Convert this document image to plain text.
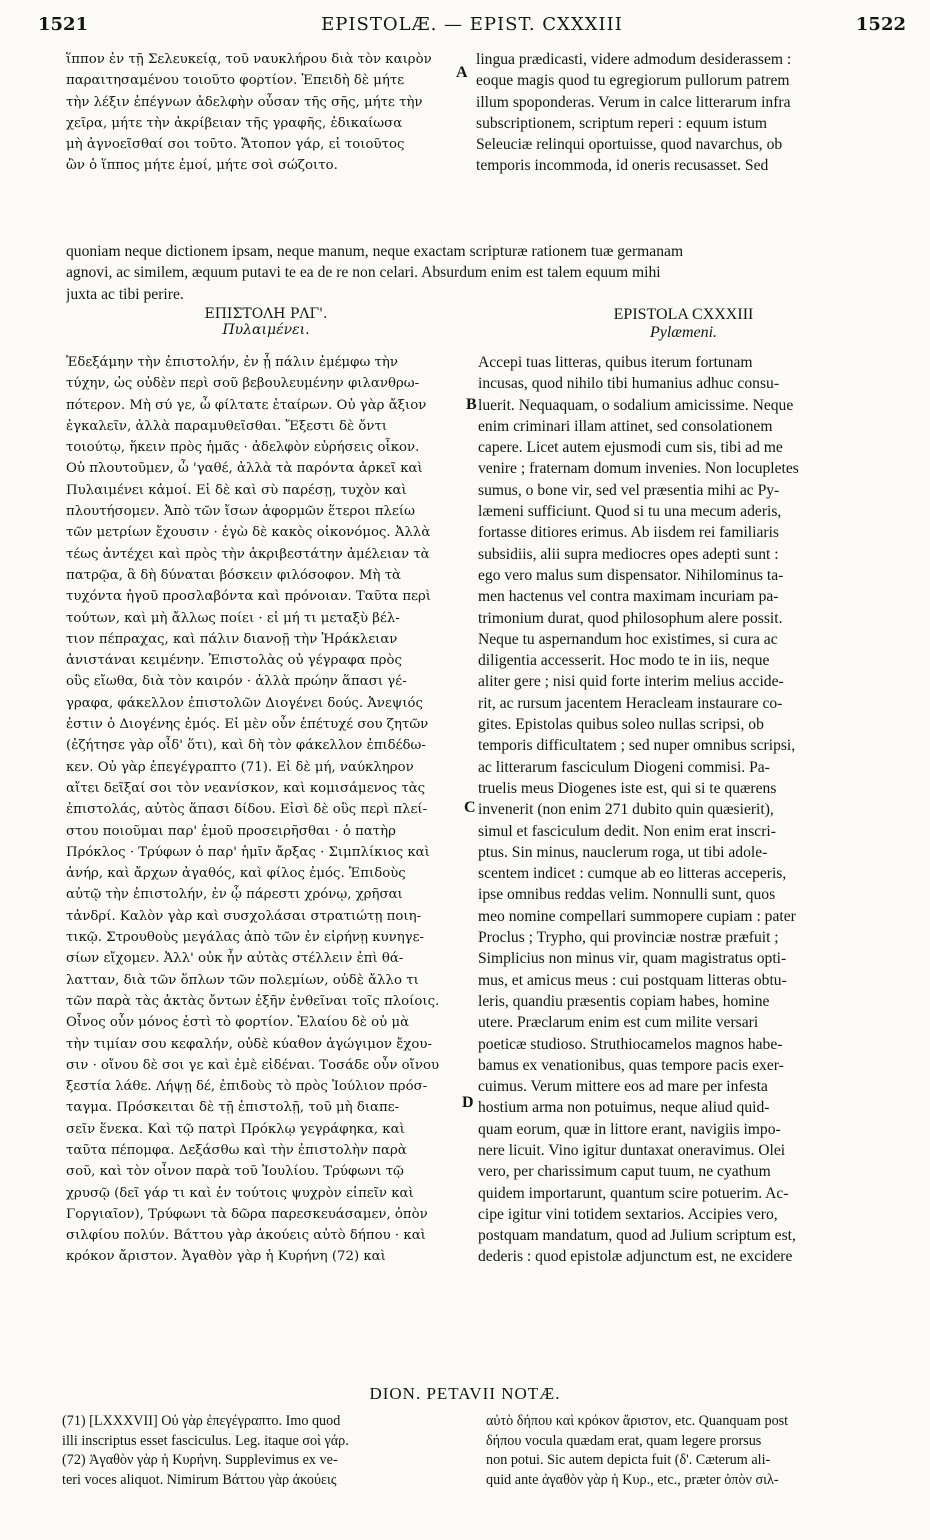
1521	EPISTOLÆ. — EPIST. CXXXIII	1522
ἵππον ἐν τῇ Σελευκείᾳ, τοῦ ναυκλήρου διὰ τὸν καιρὸν
παραιτησαμένου τοιοῦτο φορτίον. Ἐπειδὴ δὲ μήτε
τὴν λέξιν ἐπέγνων ἀδελφὴν οὖσαν τῆς σῆς, μήτε τὴν
χεῖρα, μήτε τὴν ἀκρίβειαν τῆς γραφῆς, ἐδικαίωσα
μὴ ἀγνοεῖσθαί σοι τοῦτο. Ἄτοπον γάρ, εἰ τοιοῦτος
ὢν ὁ ἵππος μήτε ἐμοί, μήτε σοὶ σώζοιτο.
lingua prædicasti, videre admodum desiderassem :
eoque magis quod tu egregiorum pullorum patrem
illum spoponderas. Verum in calce litterarum infra
subscriptionem, scriptum reperi : equum istum
Seleuciæ relinqui oportuisse, quod navarchus, ob
temporis incommoda, id oneris recusasset. Sed
quoniam neque dictionem ipsam, neque manum, neque exactam scripturæ rationem tuæ germanam
agnovi, ac similem, æquum putavi te ea de re non celari. Absurdum enim est talem equum mihi
juxta ac tibi perire.
ΕΠΙΣΤΟΛΗ ΡΛΓ'.
Πυλαιμένει.
EPISTOLA CXXXIII
Pylæmeni.
Ἐδεξάμην τὴν ἐπιστολήν, ἐν ᾗ πάλιν ἐμέμφω τὴν
τύχην, ὡς οὐδὲν περὶ σοῦ βεβουλευμένην φιλανθρω-
πότερον. Μὴ σύ γε, ὦ φίλτατε ἑταίρων. Οὐ γὰρ ἄξιον
ἐγκαλεῖν, ἀλλὰ παραμυθεῖσθαι. Ἔξεστι δὲ ὄντι
τοιούτῳ, ἥκειν πρὸς ἡμᾶς · ἀδελφὸν εὑρήσεις οἶκον.
Οὐ πλουτοῦμεν, ὦ 'γαθέ, ἀλλὰ τὰ παρόντα ἀρκεῖ καὶ
Πυλαιμένει κἀμοί. Εἰ δὲ καὶ σὺ παρέσῃ, τυχὸν καὶ
πλουτήσομεν. Ἀπὸ τῶν ἴσων ἀφορμῶν ἕτεροι πλείω
τῶν μετρίων ἔχουσιν · ἐγὼ δὲ κακὸς οἰκονόμος. Ἀλλὰ
τέως ἀντέχει καὶ πρὸς τὴν ἀκριβεστάτην ἀμέλειαν τὰ
πατρῷα, ἃ δὴ δύναται βόσκειν φιλόσοφον. Μὴ τὰ
τυχόντα ἡγοῦ προσλαβόντα καὶ πρόνοιαν. Ταῦτα περὶ
τούτων, καὶ μὴ ἄλλως ποίει · εἰ μή τι μεταξὺ βέλ-
τιον πέπραχας, καὶ πάλιν διανοῇ τὴν Ἡράκλειαν
ἀνιστάναι κειμένην. Ἐπιστολὰς οὐ γέγραφα πρὸς
οὓς εἴωθα, διὰ τὸν καιρόν · ἀλλὰ πρώην ἅπασι γέ-
γραφα, φάκελλον ἐπιστολῶν Διογένει δούς. Ἀνεψιός
ἐστιν ὁ Διογένης ἐμός. Εἰ μὲν οὖν ἐπέτυχέ σου ζητῶν
(ἐζήτησε γὰρ οἶδ' ὅτι), καὶ δὴ τὸν φάκελλον ἐπιδέδω-
κεν. Οὐ γὰρ ἐπεγέγραπτο (71). Εἰ δὲ μή, ναύκληρον
αἴτει δεῖξαί σοι τὸν νεανίσκον, καὶ κομισάμενος τὰς
ἐπιστολάς, αὐτὸς ἅπασι δίδου. Εἰσὶ δὲ οὓς περὶ πλεί-
στου ποιοῦμαι παρ' ἐμοῦ προσειρῆσθαι · ὁ πατὴρ
Πρόκλος · Τρύφων ὁ παρ' ἡμῖν ἄρξας · Σιμπλίκιος καὶ
ἀνήρ, καὶ ἄρχων ἀγαθός, καὶ φίλος ἐμός. Ἐπιδοὺς
αὐτῷ τὴν ἐπιστολήν, ἐν ᾧ πάρεστι χρόνῳ, χρῆσαι
τἀνδρί. Καλὸν γὰρ καὶ συσχολάσαι στρατιώτῃ ποιη-
τικῷ. Στρουθοὺς μεγάλας ἀπὸ τῶν ἐν εἰρήνῃ κυνηγε-
σίων εἴχομεν. Ἀλλ' οὐκ ἦν αὐτὰς στέλλειν ἐπὶ θά-
λατταν, διὰ τῶν ὅπλων τῶν πολεμίων, οὐδὲ ἄλλο τι
τῶν παρὰ τὰς ἀκτὰς ὄντων ἐξῆν ἐνθεῖναι τοῖς πλοίοις.
Οἶνος οὖν μόνος ἐστὶ τὸ φορτίον. Ἐλαίου δὲ οὐ μὰ
τὴν τιμίαν σου κεφαλήν, οὐδὲ κύαθον ἀγώγιμον ἔχου-
σιν · οἴνου δὲ σοι γε καὶ ἐμὲ εἰδέναι. Τοσάδε οὖν οἴνου
ξεστία λάθε. Λήψῃ δέ, ἐπιδοὺς τὸ πρὸς Ἰούλιον πρόσ-
ταγμα. Πρόσκειται δὲ τῇ ἐπιστολῇ, τοῦ μὴ διαπε-
σεῖν ἕνεκα. Καὶ τῷ πατρὶ Πρόκλῳ γεγράφηκα, καὶ
ταῦτα πέπομφα. Δεξάσθω καὶ τὴν ἐπιστολὴν παρὰ
σοῦ, καὶ τὸν οἶνον παρὰ τοῦ Ἰουλίου. Τρύφωνι τῷ
χρυσῷ (δεῖ γάρ τι καὶ ἐν τούτοις ψυχρὸν εἰπεῖν καὶ
Γοργιαῖον), Τρύφωνι τὰ δῶρα παρεσκευάσαμεν, ὀπὸν
σιλφίου πολύν. Βάττου γὰρ ἀκούεις αὐτὸ δήπου · καὶ
κρόκον ἄριστον. Ἀγαθὸν γὰρ ἡ Κυρήνη (72) καὶ
Accepi tuas litteras, quibus iterum fortunam
incusas, quod nihilo tibi humanius adhuc consu-
luerit. Nequaquam, o sodalium amicissime. Neque
enim criminari illam attinet, sed consolationem
capere. Licet autem ejusmodi cum sis, tibi ad me
venire ; fraternam domum invenies. Non locupletes
sumus, o bone vir, sed vel præsentia mihi ac Py-
læmeni sufficiunt. Quod si tu una mecum aderis,
fortasse ditiores erimus. Ab iisdem rei familiaris
subsidiis, alii supra mediocres opes adepti sunt :
ego vero malus sum dispensator. Nihilominus ta-
men hactenus vel contra maximam incuriam pa-
trimonium durat, quod philosophum alere possit.
Neque tu aspernandum hoc existimes, si cura ac
diligentia accesserit. Hoc modo te in iis, neque
aliter gere ; nisi quid forte interim melius accide-
rit, ac rursum jacentem Heracleam instaurare co-
gites. Epistolas quibus soleo nullas scripsi, ob
temporis difficultatem ; sed nuper omnibus scripsi,
ac litterarum fasciculum Diogeni commisi. Pa-
truelis meus Diogenes iste est, qui si te quærens
invenerit (non enim 271 dubito quin quæsierit),
simul et fasciculum dedit. Non enim erat inscri-
ptus. Sin minus, nauclerum roga, ut tibi adole-
scentem indicet : cumque ab eo litteras acceperis,
ipse omnibus reddas velim. Nonnulli sunt, quos
meo nomine compellari summopere cupiam : pater
Proclus ; Trypho, qui provinciæ nostræ præfuit ;
Simplicius non minus vir, quam magistratus opti-
mus, et amicus meus : cui postquam litteras obtu-
leris, quandiu præsentis copiam habes, homine
utere. Præclarum enim est cum milite versari
poeticæ studioso. Struthiocamelos magnos habe-
bamus ex venationibus, quas tempore pacis exer-
cuimus. Verum mittere eos ad mare per infesta
hostium arma non potuimus, neque aliud quid-
quam eorum, quæ in littore erant, navigiis impo-
nere licuit. Vino igitur duntaxat oneravimus. Olei
vero, per charissimum caput tuum, ne cyathum
quidem importarunt, quantum scire potuerim. Ac-
cipe igitur vini totidem sextarios. Accipies vero,
postquam mandatum, quod ad Julium scriptum est,
dederis : quod epistolæ adjunctum est, ne excidere
A
B
C
D
DION. PETAVII NOTÆ.
(71) [LXXXVII] Οὐ γὰρ ἐπεγέγραπτο. Imo quod
illi inscriptus esset fasciculus. Leg. itaque σοὶ γάρ.
(72) Ἀγαθὸν γὰρ ἡ Κυρήνη. Supplevimus ex ve-
teri voces aliquot. Nimirum Βάττου γὰρ ἀκούεις
αὐτὸ δήπου καὶ κρόκον ἄριστον, etc. Quanquam post
δήπου vocula quædam erat, quam legere prorsus
non potui. Sic autem depicta fuit (δ'. Cæterum ali-
quid ante ἀγαθὸν γὰρ ἡ Κυρ., etc., præter ὀπὸν σιλ-
